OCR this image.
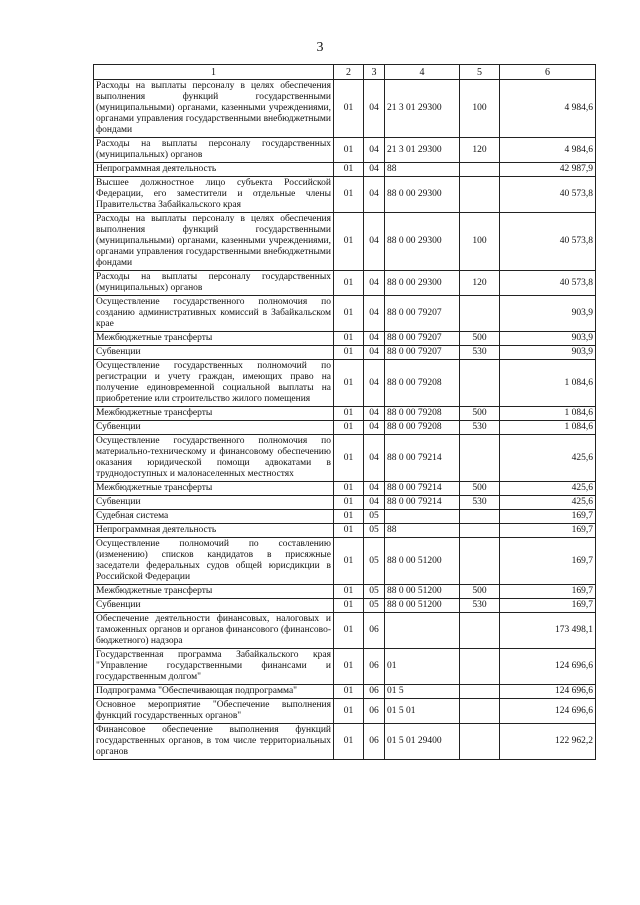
3
1	2	3	4	5	6
Расходы на выплаты персоналу в целях обеспечения выполнения функций государственными (муниципальными) органами, казенными учреждениями, органами управления государственными внебюджетными фондами	01	04	21 3 01 29300	100	4 984,6
Расходы на выплаты персоналу государственных (муниципальных) органов	01	04	21 3 01 29300	120	4 984,6
Непрограммная деятельность	01	04	88		42 987,9
Высшее должностное лицо субъекта Российской Федерации, его заместители и отдельные члены Правительства Забайкальского края	01	04	88 0 00 29300		40 573,8
Расходы на выплаты персоналу в целях обеспечения выполнения функций государственными (муниципальными) органами, казенными учреждениями, органами управления государственными внебюджетными фондами	01	04	88 0 00 29300	100	40 573,8
Расходы на выплаты персоналу государственных (муниципальных) органов	01	04	88 0 00 29300	120	40 573,8
Осуществление государственного полномочия по созданию административных комиссий в Забайкальском крае	01	04	88 0 00 79207		903,9
Межбюджетные трансферты	01	04	88 0 00 79207	500	903,9
Субвенции	01	04	88 0 00 79207	530	903,9
Осуществление государственных полномочий по регистрации и учету граждан, имеющих право на получение единовременной социальной выплаты на приобретение или строительство жилого помещения	01	04	88 0 00 79208		1 084,6
Межбюджетные трансферты	01	04	88 0 00 79208	500	1 084,6
Субвенции	01	04	88 0 00 79208	530	1 084,6
Осуществление государственного полномочия по материально-техническому и финансовому обеспечению оказания юридической помощи адвокатами в труднодоступных и малонаселенных местностях	01	04	88 0 00 79214		425,6
Межбюджетные трансферты	01	04	88 0 00 79214	500	425,6
Субвенции	01	04	88 0 00 79214	530	425,6
Судебная система	01	05			169,7
Непрограммная деятельность	01	05	88		169,7
Осуществление полномочий по составлению (изменению) списков кандидатов в присяжные заседатели федеральных судов общей юрисдикции в Российской Федерации	01	05	88 0 00 51200		169,7
Межбюджетные трансферты	01	05	88 0 00 51200	500	169,7
Субвенции	01	05	88 0 00 51200	530	169,7
Обеспечение деятельности финансовых, налоговых и таможенных органов и органов финансового (финансово-бюджетного) надзора	01	06			173 498,1
Государственная программа Забайкальского края "Управление государственными финансами и государственным долгом"	01	06	01		124 696,6
Подпрограмма "Обеспечивающая подпрограмма"	01	06	01 5		124 696,6
Основное мероприятие "Обеспечение выполнения функций государственных органов"	01	06	01 5 01		124 696,6
Финансовое обеспечение выполнения функций государственных органов, в том числе территориальных органов	01	06	01 5 01 29400		122 962,2
